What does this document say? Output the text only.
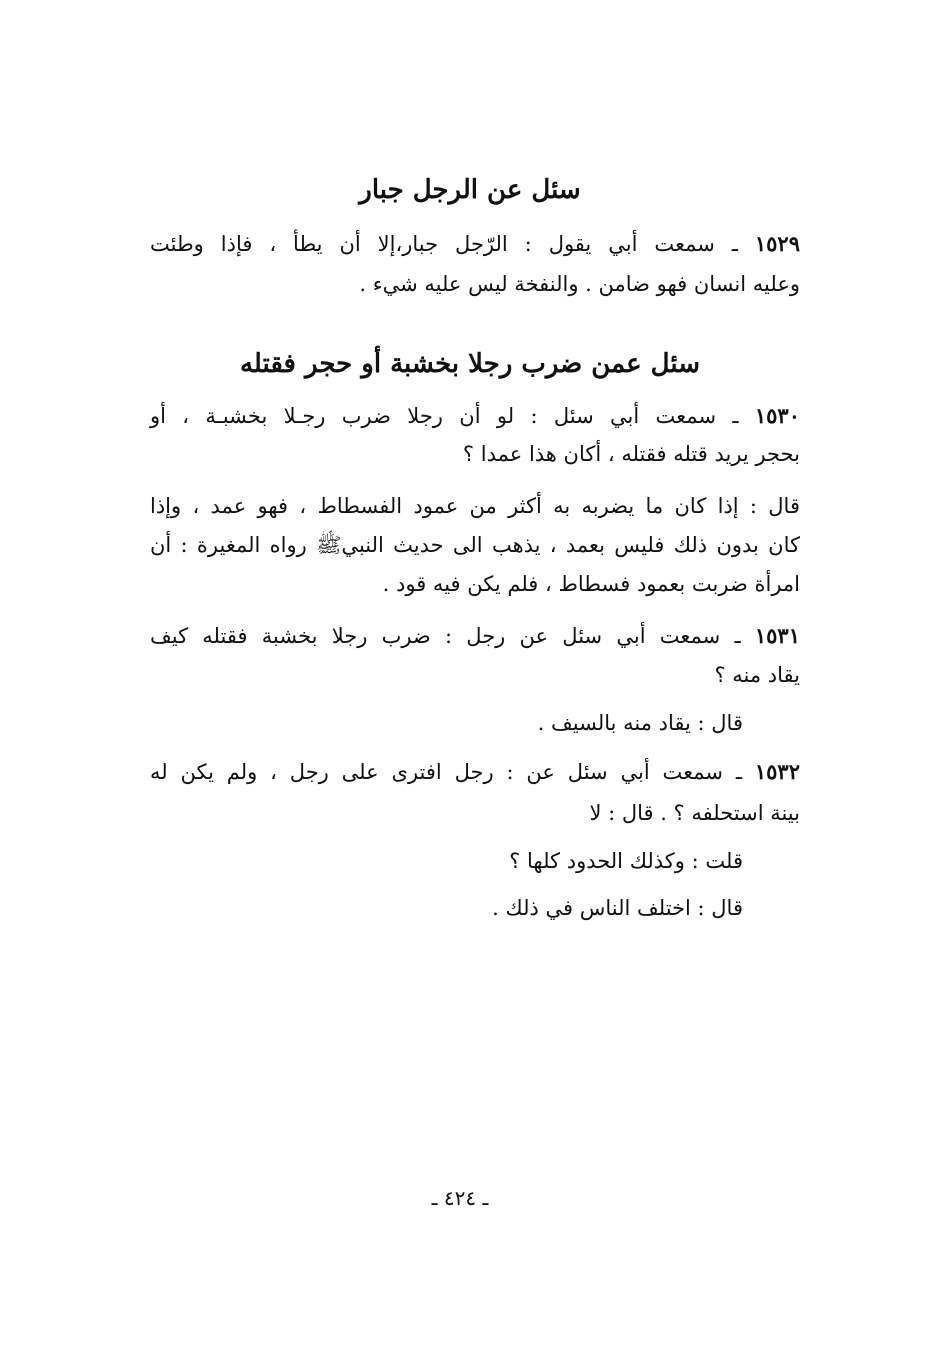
سئل عن الرجل جبار
١٥٢٩ ـ سمعت أبي يقول : الرّجل جبار،إلا أن يطأ ، فإذا وطئت
وعليه انسان فهو ضامن . والنفخة ليس عليه شيء .
سئل عمن ضرب رجلا بخشبة أو حجر فقتله
١٥٣٠ ـ سمعت أبي سئل : لو أن رجلا ضرب رجـلا بخشبـة ، أو
بحجر يريد قتله فقتله ، أكان هذا عمدا ؟
قال : إذا كان ما يضربه به أكثر من عمود الفسطاط ، فهو عمد ، وإذا
كان بدون ذلك فليس بعمد ، يذهب الى حديث النبيﷺ رواه المغيرة : أن
امرأة ضربت بعمود فسطاط ، فلم يكن فيه قود .
١٥٣١ ـ سمعت أبي سئل عن رجل : ضرب رجلا بخشبة فقتله كيف
يقاد منه ؟
قال : يقاد منه بالسيف .
١٥٣٢ ـ سمعت أبي سئل عن : رجل افترى على رجل ، ولم يكن له
بينة استحلفه ؟ . قال : لا
قلت : وكذلك الحدود كلها ؟
قال : اختلف الناس في ذلك .
ـ ٤٢٤ ـ
